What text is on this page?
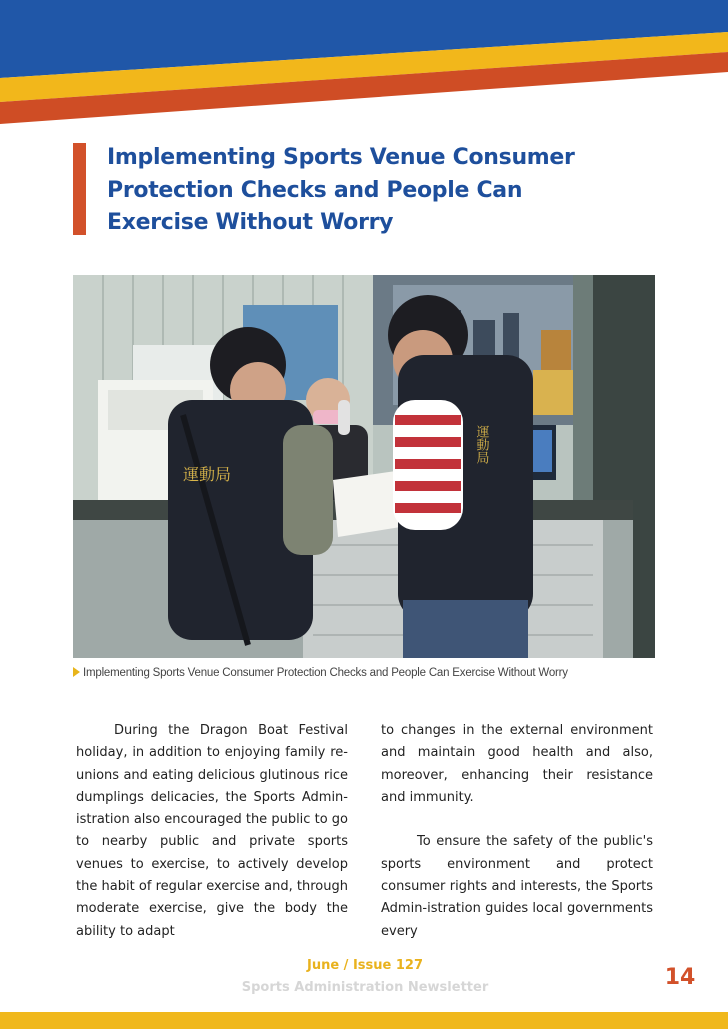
Implementing Sports Venue Consumer
Protection Checks and People Can
Exercise Without Worry
運動局
運動局
Implementing Sports Venue Consumer Protection Checks and People Can Exercise Without Worry

During the Dragon Boat Festival holiday, in addition to enjoying family re-unions and eating delicious glutinous rice dumplings delicacies, the Sports Admin-istration also encouraged the public to go to nearby public and private sports venues to exercise, to actively develop the habit of regular exercise and, through moderate exercise, give the body the ability to adapt

to changes in the external environment and maintain good health and also, moreover, enhancing their resistance and immunity.

To ensure the safety of the public's sports environment and protect consumer rights and interests, the Sports Admin-istration guides local governments every

June / Issue 127
Sports Administration Newsletter	14
